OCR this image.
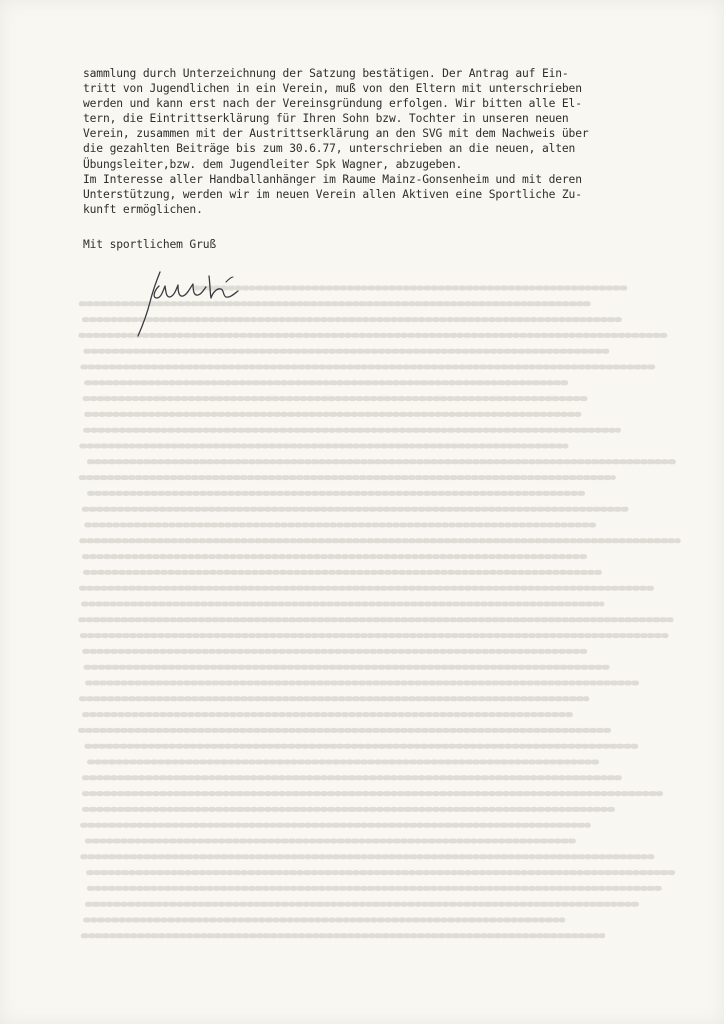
sammlung durch Unterzeichnung der Satzung bestätigen. Der Antrag auf Ein-
tritt von Jugendlichen in ein Verein, muß von den Eltern mit unterschrieben
werden und kann erst nach der Vereinsgründung erfolgen. Wir bitten alle El-
tern, die Eintrittserklärung für Ihren Sohn bzw. Tochter in unseren neuen
Verein, zusammen mit der Austrittserklärung an den SVG mit dem Nachweis über
die gezahlten Beiträge bis zum 30.6.77, unterschrieben an die neuen, alten
Übungsleiter,bzw. dem Jugendleiter Spk Wagner, abzugeben.
Im Interesse aller Handballanhänger im Raume Mainz-Gonsenheim und mit deren
Unterstützung, werden wir im neuen Verein allen Aktiven eine Sportliche Zu-
kunft ermöglichen.
Mit sportlichem Gruß
